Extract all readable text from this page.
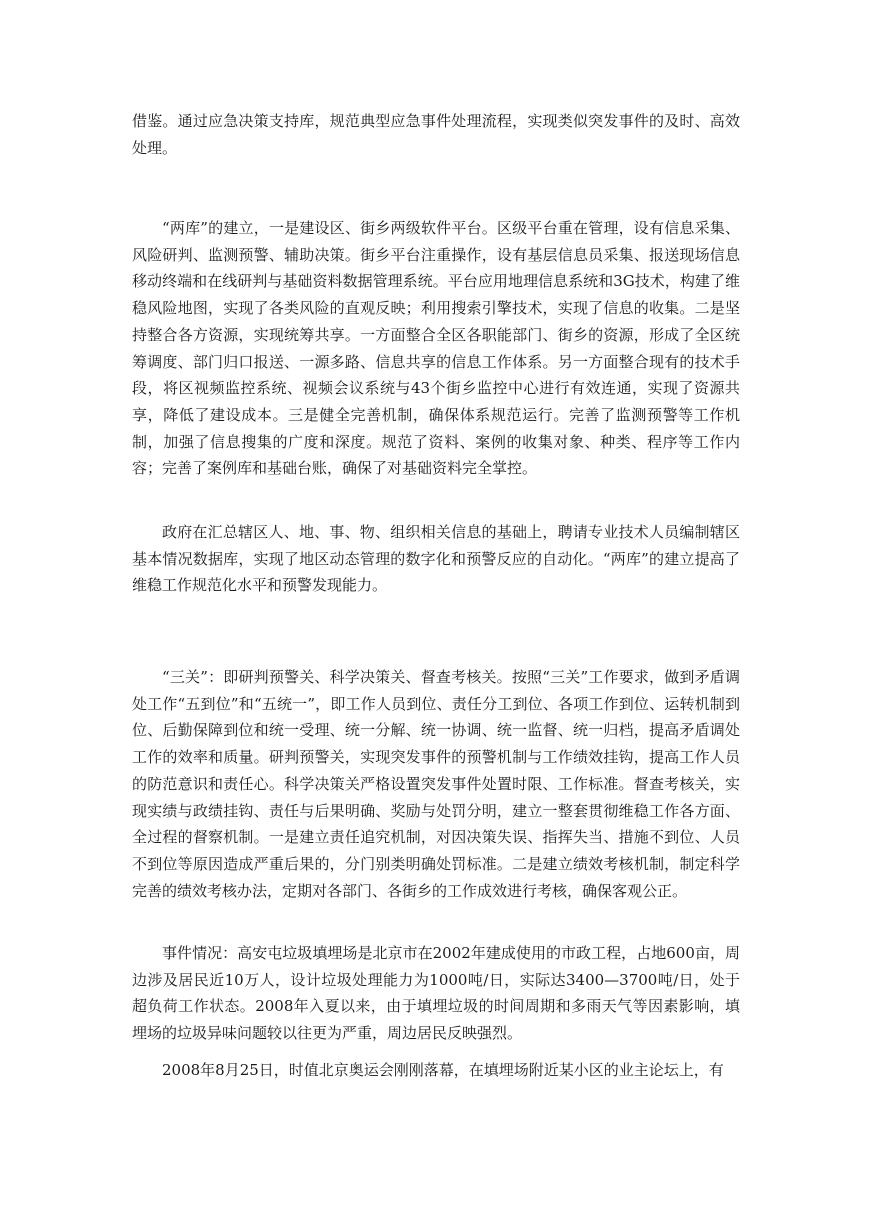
借鉴。通过应急决策支持库，规范典型应急事件处理流程，实现类似突发事件的及时、高效处理。

“两库”的建立，一是建设区、街乡两级软件平台。区级平台重在管理，设有信息采集、风险研判、监测预警、辅助决策。街乡平台注重操作，设有基层信息员采集、报送现场信息移动终端和在线研判与基础资料数据管理系统。平台应用地理信息系统和3G技术，构建了维稳风险地图，实现了各类风险的直观反映；利用搜索引擎技术，实现了信息的收集。二是坚持整合各方资源，实现统筹共享。一方面整合全区各职能部门、街乡的资源，形成了全区统筹调度、部门归口报送、一源多路、信息共享的信息工作体系。另一方面整合现有的技术手段，将区视频监控系统、视频会议系统与43个街乡监控中心进行有效连通，实现了资源共享，降低了建设成本。三是健全完善机制，确保体系规范运行。完善了监测预警等工作机制，加强了信息搜集的广度和深度。规范了资料、案例的收集对象、种类、程序等工作内容；完善了案例库和基础台账，确保了对基础资料完全掌控。

政府在汇总辖区人、地、事、物、组织相关信息的基础上，聘请专业技术人员编制辖区基本情况数据库，实现了地区动态管理的数字化和预警反应的自动化。“两库”的建立提高了维稳工作规范化水平和预警发现能力。

“三关”：即研判预警关、科学决策关、督查考核关。按照“三关”工作要求，做到矛盾调处工作“五到位”和“五统一”，即工作人员到位、责任分工到位、各项工作到位、运转机制到位、后勤保障到位和统一受理、统一分解、统一协调、统一监督、统一归档，提高矛盾调处工作的效率和质量。研判预警关，实现突发事件的预警机制与工作绩效挂钩，提高工作人员的防范意识和责任心。科学决策关严格设置突发事件处置时限、工作标准。督查考核关，实现实绩与政绩挂钩、责任与后果明确、奖励与处罚分明，建立一整套贯彻维稳工作各方面、全过程的督察机制。一是建立责任追究机制，对因决策失误、指挥失当、措施不到位、人员不到位等原因造成严重后果的，分门别类明确处罚标准。二是建立绩效考核机制，制定科学完善的绩效考核办法，定期对各部门、各街乡的工作成效进行考核，确保客观公正。

事件情况：高安屯垃圾填埋场是北京市在2002年建成使用的市政工程，占地600亩，周边涉及居民近10万人，设计垃圾处理能力为1000吨/日，实际达3400—3700吨/日，处于超负荷工作状态。2008年入夏以来，由于填埋垃圾的时间周期和多雨天气等因素影响，填埋场的垃圾异味问题较以往更为严重，周边居民反映强烈。

2008年8月25日，时值北京奥运会刚刚落幕，在填埋场附近某小区的业主论坛上，有
